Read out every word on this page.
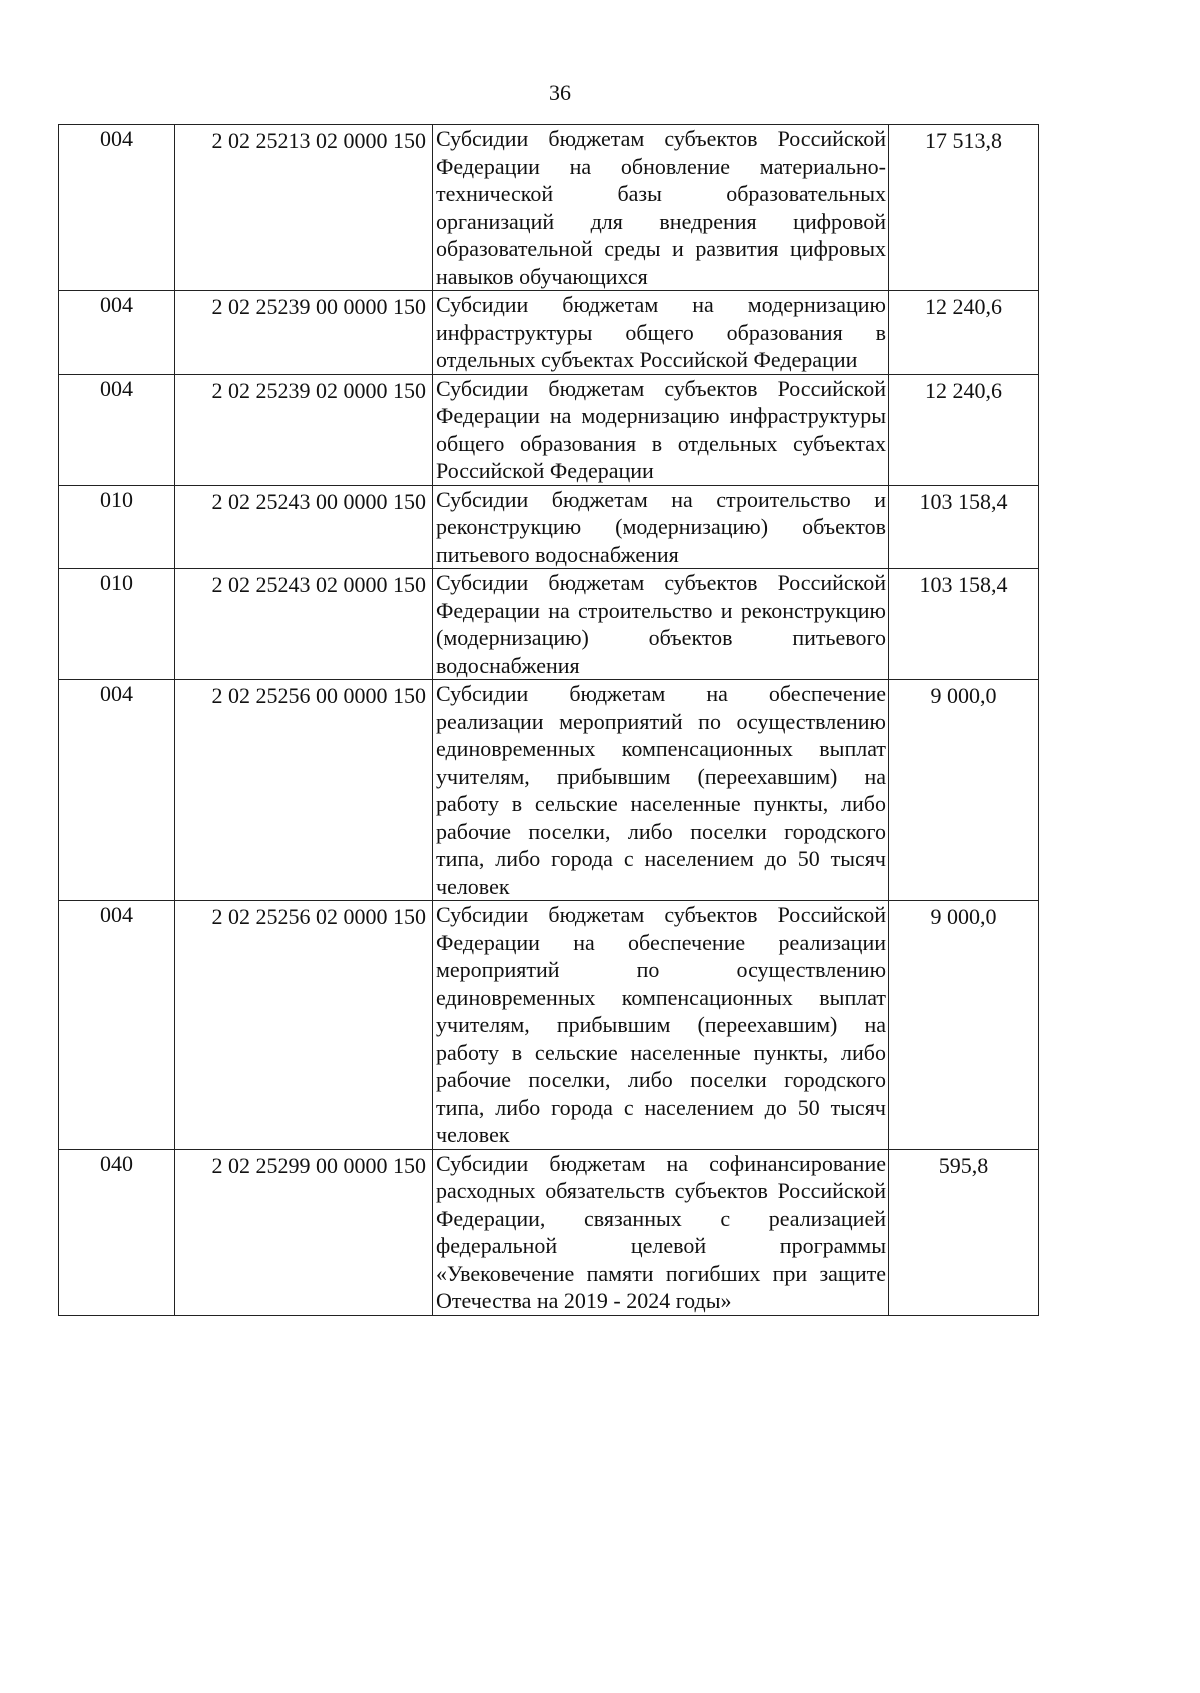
36
004	2 02 25213 02 0000 150	Субсидии бюджетам субъектов Российской Федерации на обновление материально-технической базы образовательных организаций для внедрения цифровой образовательной среды и развития цифровых навыков обучающихся	17 513,8
004	2 02 25239 00 0000 150	Субсидии бюджетам на модернизацию инфраструктуры общего образования в отдельных субъектах Российской Федерации	12 240,6
004	2 02 25239 02 0000 150	Субсидии бюджетам субъектов Российской Федерации на модернизацию инфраструктуры общего образования в отдельных субъектах Российской Федерации	12 240,6
010	2 02 25243 00 0000 150	Субсидии бюджетам на строительство и реконструкцию (модернизацию) объектов питьевого водоснабжения	103 158,4
010	2 02 25243 02 0000 150	Субсидии бюджетам субъектов Российской Федерации на строительство и реконструкцию (модернизацию) объектов питьевого водоснабжения	103 158,4
004	2 02 25256 00 0000 150	Субсидии бюджетам на обеспечение реализации мероприятий по осуществлению единовременных компенсационных выплат учителям, прибывшим (переехавшим) на работу в сельские населенные пункты, либо рабочие поселки, либо поселки городского типа, либо города с населением до 50 тысяч человек	9 000,0
004	2 02 25256 02 0000 150	Субсидии бюджетам субъектов Российской Федерации на обеспечение реализации мероприятий по осуществлению единовременных компенсационных выплат учителям, прибывшим (переехавшим) на работу в сельские населенные пункты, либо рабочие поселки, либо поселки городского типа, либо города с населением до 50 тысяч человек	9 000,0
040	2 02 25299 00 0000 150	Субсидии бюджетам на софинансирование расходных обязательств субъектов Российской Федерации, связанных с реализацией федеральной целевой программы «Увековечение памяти погибших при защите Отечества на 2019 - 2024 годы»	595,8
